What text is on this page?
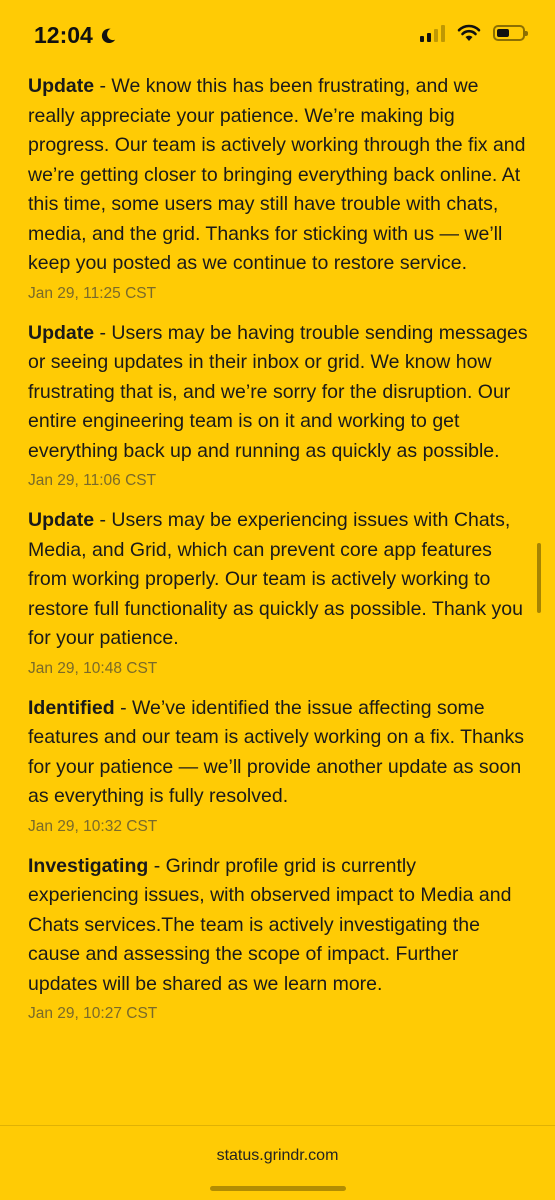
12:04

Update - We know this has been frustrating, and we really appreciate your patience. We’re making big progress. Our team is actively working through the fix and we’re getting closer to bringing everything back online. At this time, some users may still have trouble with chats, media, and the grid. Thanks for sticking with us — we’ll keep you posted as we continue to restore service.

Jan 29, 11:25 CST

Update - Users may be having trouble sending messages or seeing updates in their inbox or grid. We know how frustrating that is, and we’re sorry for the disruption. Our entire engineering team is on it and working to get everything back up and running as quickly as possible.

Jan 29, 11:06 CST

Update - Users may be experiencing issues with Chats, Media, and Grid, which can prevent core app features from working properly. Our team is actively working to restore full functionality as quickly as possible. Thank you for your patience.

Jan 29, 10:48 CST

Identified - We’ve identified the issue affecting some features and our team is actively working on a fix. Thanks for your patience — we’ll provide another update as soon as everything is fully resolved.

Jan 29, 10:32 CST

Investigating - Grindr profile grid is currently experiencing issues, with observed impact to Media and Chats services.The team is actively investigating the cause and assessing the scope of impact. Further updates will be shared as we learn more.

Jan 29, 10:27 CST
status.grindr.com
